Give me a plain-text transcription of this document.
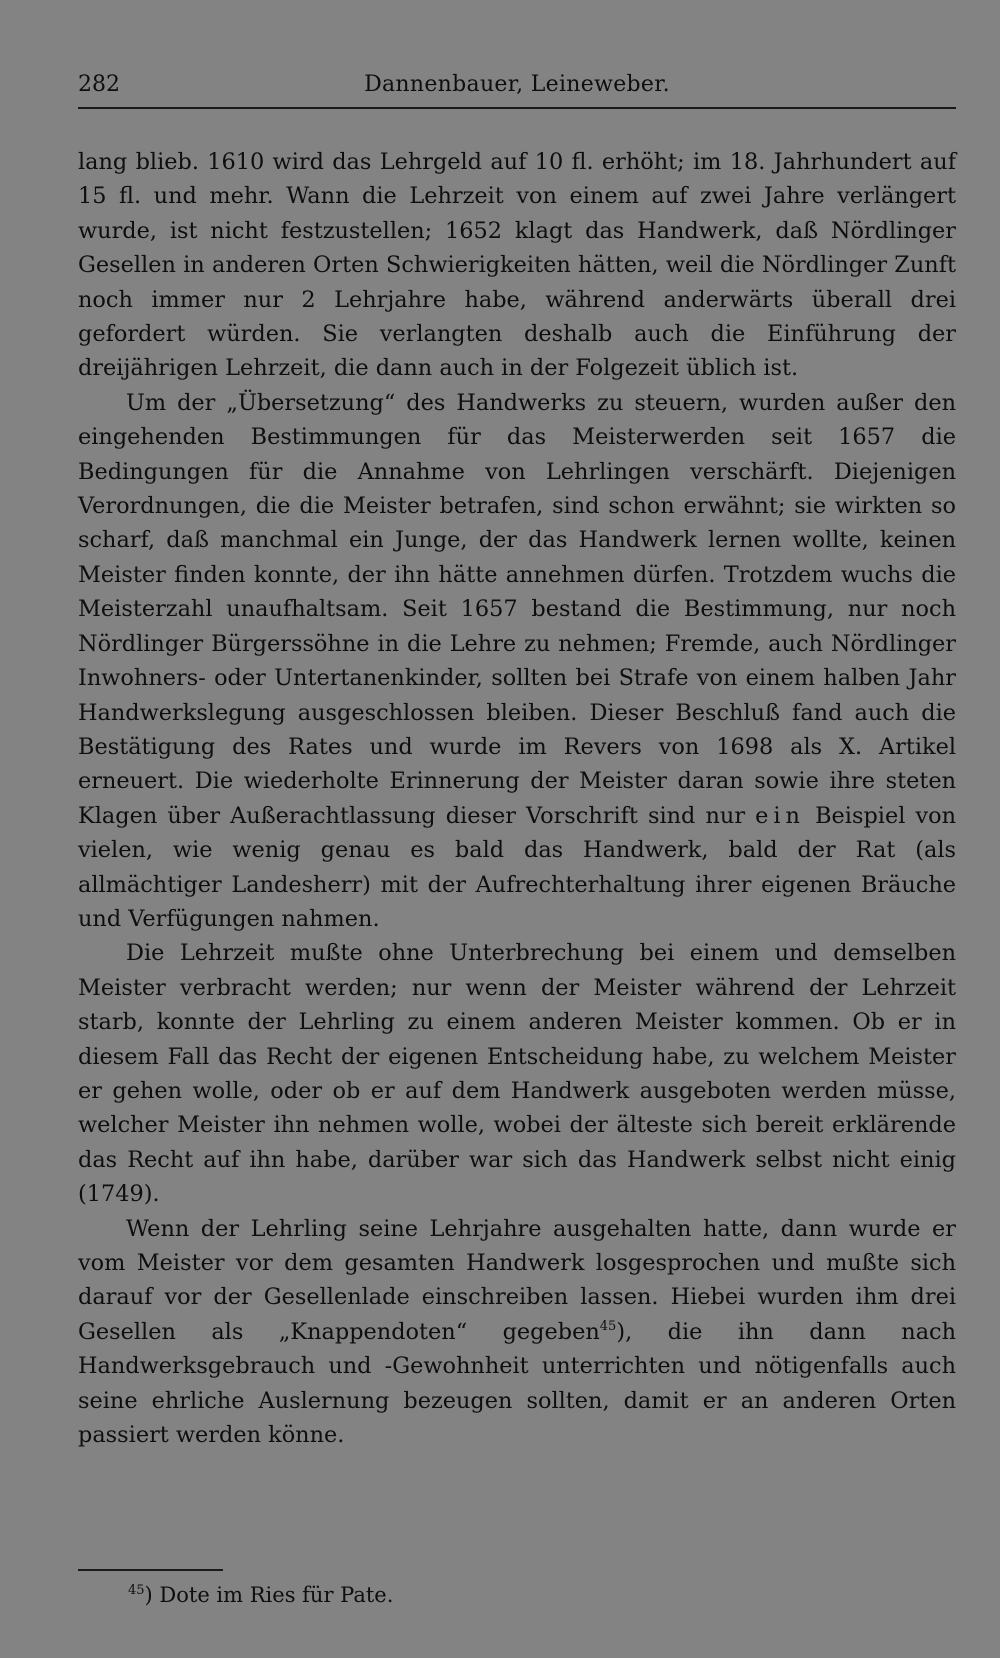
282	Dannenbauer, Leineweber.

lang blieb. 1610 wird das Lehrgeld auf 10 fl. erhöht; im 18. Jahrhundert auf 15 fl. und mehr. Wann die Lehrzeit von einem auf zwei Jahre verlängert wurde, ist nicht festzustellen; 1652 klagt das Handwerk, daß Nördlinger Gesellen in anderen Orten Schwierigkeiten hätten, weil die Nördlinger Zunft noch immer nur 2 Lehrjahre habe, während anderwärts überall drei gefordert würden. Sie verlangten deshalb auch die Einführung der dreijährigen Lehrzeit, die dann auch in der Folgezeit üblich ist.

Um der „Übersetzung“ des Handwerks zu steuern, wurden außer den eingehenden Bestimmungen für das Meisterwerden seit 1657 die Bedingungen für die Annahme von Lehrlingen verschärft. Diejenigen Verordnungen, die die Meister betrafen, sind schon erwähnt; sie wirkten so scharf, daß manchmal ein Junge, der das Handwerk lernen wollte, keinen Meister finden konnte, der ihn hätte annehmen dürfen. Trotzdem wuchs die Meisterzahl unaufhaltsam. Seit 1657 bestand die Bestimmung, nur noch Nördlinger Bürgerssöhne in die Lehre zu nehmen; Fremde, auch Nördlinger Inwohners- oder Untertanenkinder, sollten bei Strafe von einem halben Jahr Handwerkslegung ausgeschlossen bleiben. Dieser Beschluß fand auch die Bestätigung des Rates und wurde im Revers von 1698 als X. Artikel erneuert. Die wiederholte Erinnerung der Meister daran sowie ihre steten Klagen über Außerachtlassung dieser Vorschrift sind nur ein Beispiel von vielen, wie wenig genau es bald das Handwerk, bald der Rat (als allmächtiger Landesherr) mit der Aufrechterhaltung ihrer eigenen Bräuche und Verfügungen nahmen.

Die Lehrzeit mußte ohne Unterbrechung bei einem und demselben Meister verbracht werden; nur wenn der Meister während der Lehrzeit starb, konnte der Lehrling zu einem anderen Meister kommen. Ob er in diesem Fall das Recht der eigenen Entscheidung habe, zu welchem Meister er gehen wolle, oder ob er auf dem Handwerk ausgeboten werden müsse, welcher Meister ihn nehmen wolle, wobei der älteste sich bereit erklärende das Recht auf ihn habe, darüber war sich das Handwerk selbst nicht einig (1749).

Wenn der Lehrling seine Lehrjahre ausgehalten hatte, dann wurde er vom Meister vor dem gesamten Handwerk losgesprochen und mußte sich darauf vor der Gesellenlade einschreiben lassen. Hiebei wurden ihm drei Gesellen als „Knappendoten“ gegeben$^{45}$), die ihn dann nach Handwerksgebrauch und -Gewohnheit unterrichten und nötigenfalls auch seine ehrliche Auslernung bezeugen sollten, damit er an anderen Orten passiert werden könne.

$^{45}$) Dote im Ries für Pate.
